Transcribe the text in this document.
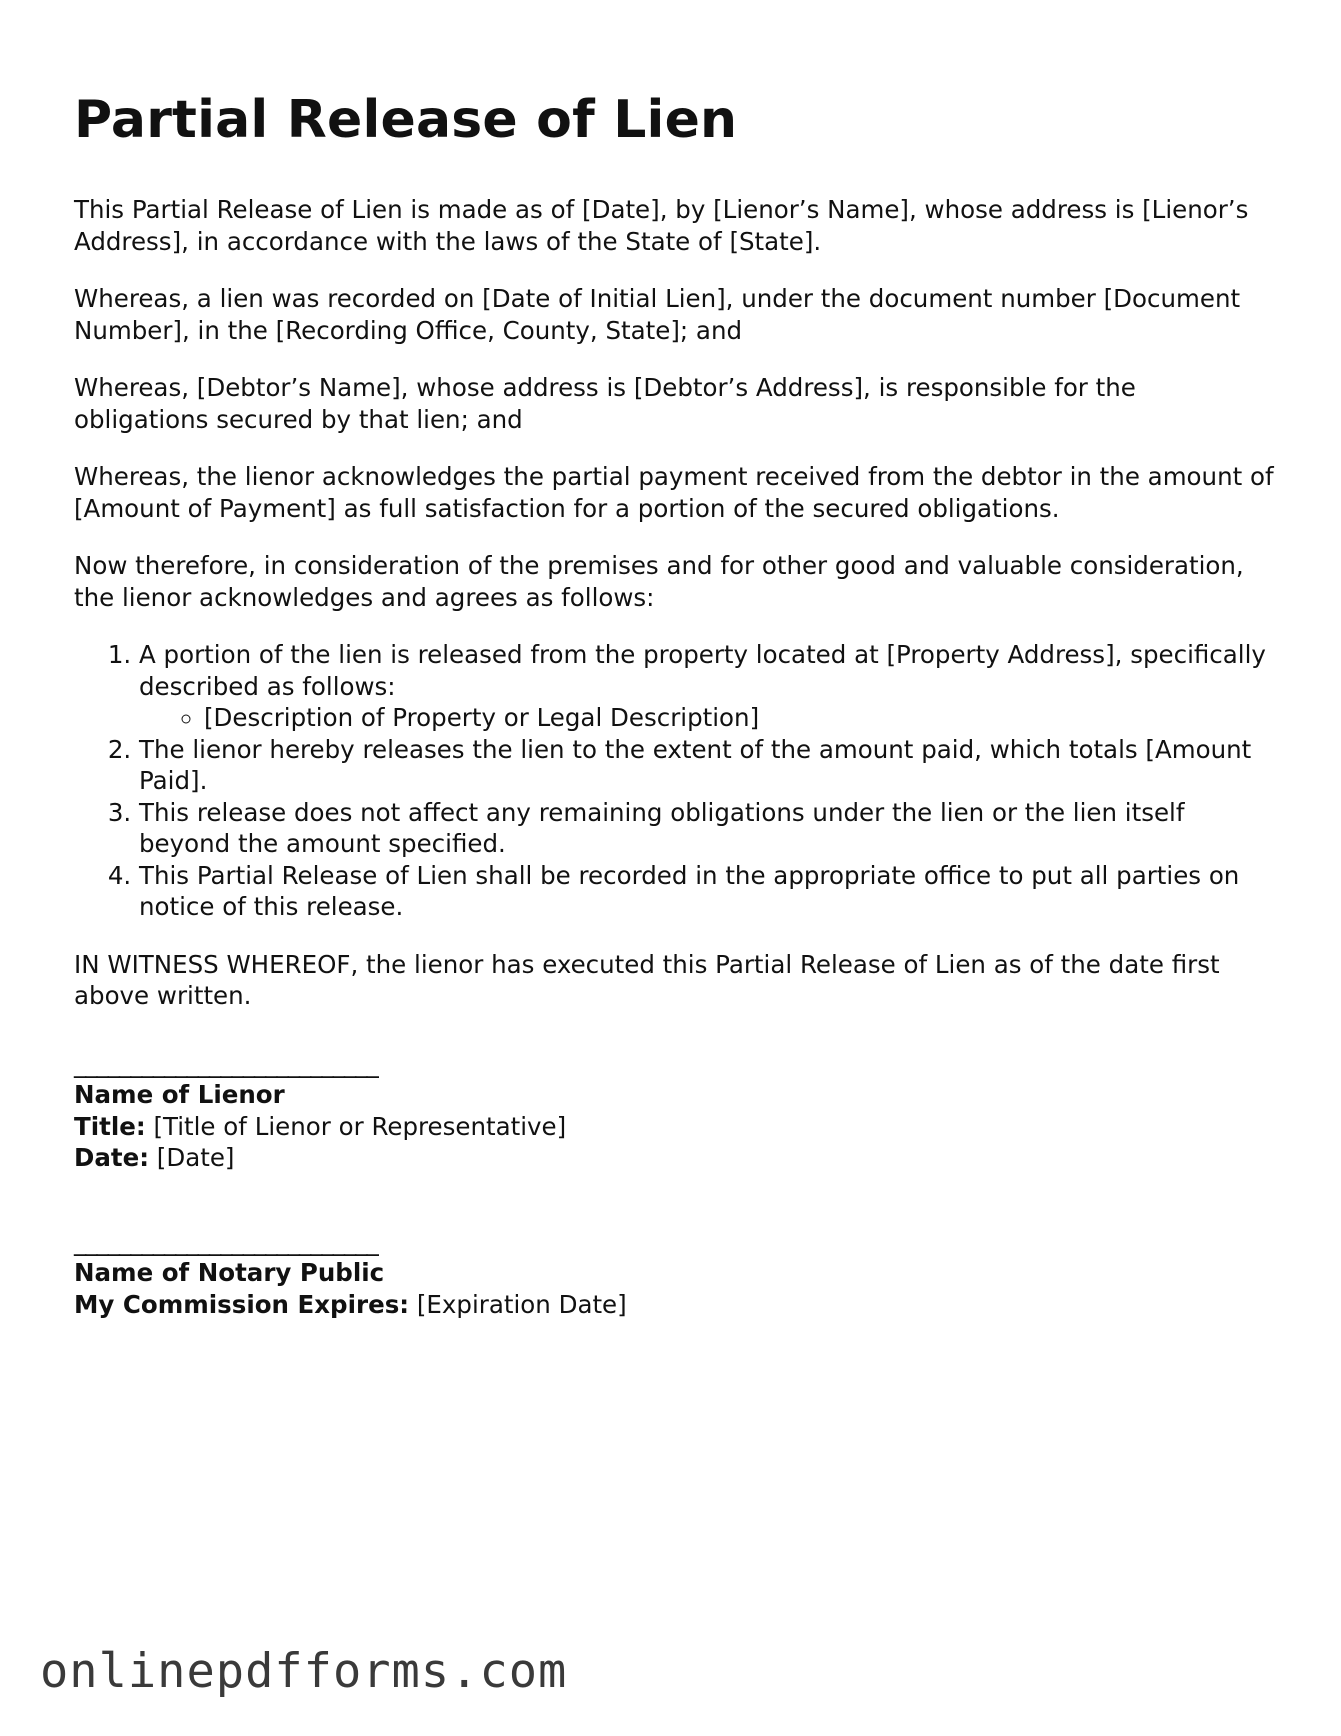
Partial Release of Lien

This Partial Release of Lien is made as of [Date], by [Lienor’s Name], whose address is [Lienor’s Address], in accordance with the laws of the State of [State].

Whereas, a lien was recorded on [Date of Initial Lien], under the document number [Document Number], in the [Recording Office, County, State]; and

Whereas, [Debtor’s Name], whose address is [Debtor’s Address], is responsible for the obligations secured by that lien; and

Whereas, the lienor acknowledges the partial payment received from the debtor in the amount of [Amount of Payment] as full satisfaction for a portion of the secured obligations.

Now therefore, in consideration of the premises and for other good and valuable consideration, the lienor acknowledges and agrees as follows:

1. A portion of the lien is released from the property located at [Property Address], specifically described as follows:
◦ [Description of Property or Legal Description]
2. The lienor hereby releases the lien to the extent of the amount paid, which totals [Amount Paid].
3. This release does not affect any remaining obligations under the lien or the lien itself beyond the amount specified.
4. This Partial Release of Lien shall be recorded in the appropriate office to put all parties on notice of this release.

IN WITNESS WHEREOF, the lienor has executed this Partial Release of Lien as of the date first above written.

___________________________
Name of Lienor
Title: [Title of Lienor or Representative]
Date: [Date]
___________________________
Name of Notary Public
My Commission Expires: [Expiration Date]
onlinepdfforms.com
